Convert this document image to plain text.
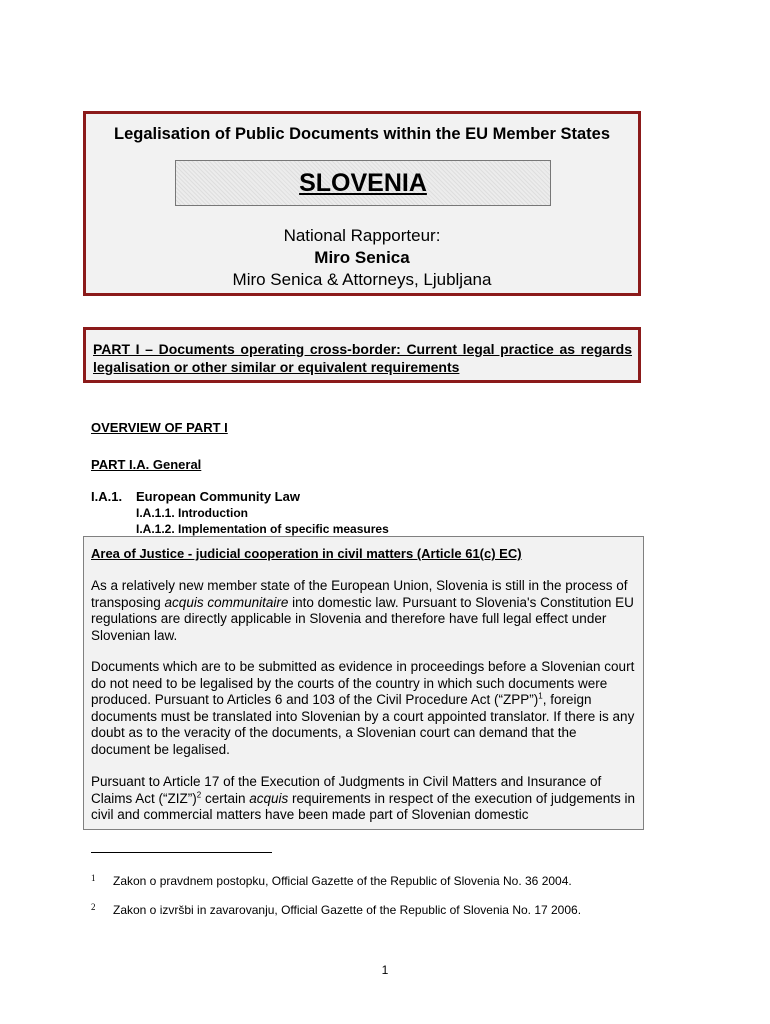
Legalisation of Public Documents within the EU Member States
SLOVENIA
National Rapporteur:
Miro Senica
Miro Senica & Attorneys, Ljubljana
PART I – Documents operating cross-border: Current legal practice as regards legalisation or other similar or equivalent requirements
OVERVIEW OF PART I
PART I.A. General
I.A.1. European Community Law
I.A.1.1. Introduction
I.A.1.2. Implementation of specific measures
Area of Justice - judicial cooperation in civil matters (Article 61(c) EC)

As a relatively new member state of the European Union, Slovenia is still in the process of transposing acquis communitaire into domestic law. Pursuant to Slovenia's Constitution EU regulations are directly applicable in Slovenia and therefore have full legal effect under Slovenian law.

Documents which are to be submitted as evidence in proceedings before a Slovenian court do not need to be legalised by the courts of the country in which such documents were produced. Pursuant to Articles 6 and 103 of the Civil Procedure Act (“ZPP”)$^1$, foreign documents must be translated into Slovenian by a court appointed translator. If there is any doubt as to the veracity of the documents, a Slovenian court can demand that the document be legalised.

Pursuant to Article 17 of the Execution of Judgments in Civil Matters and Insurance of Claims Act (“ZIZ”)$^2$ certain acquis requirements in respect of the execution of judgements in civil and commercial matters have been made part of Slovenian domestic

1 Zakon o pravdnem postopku, Official Gazette of the Republic of Slovenia No. 36 2004.
2 Zakon o izvršbi in zavarovanju, Official Gazette of the Republic of Slovenia No. 17 2006.
1
